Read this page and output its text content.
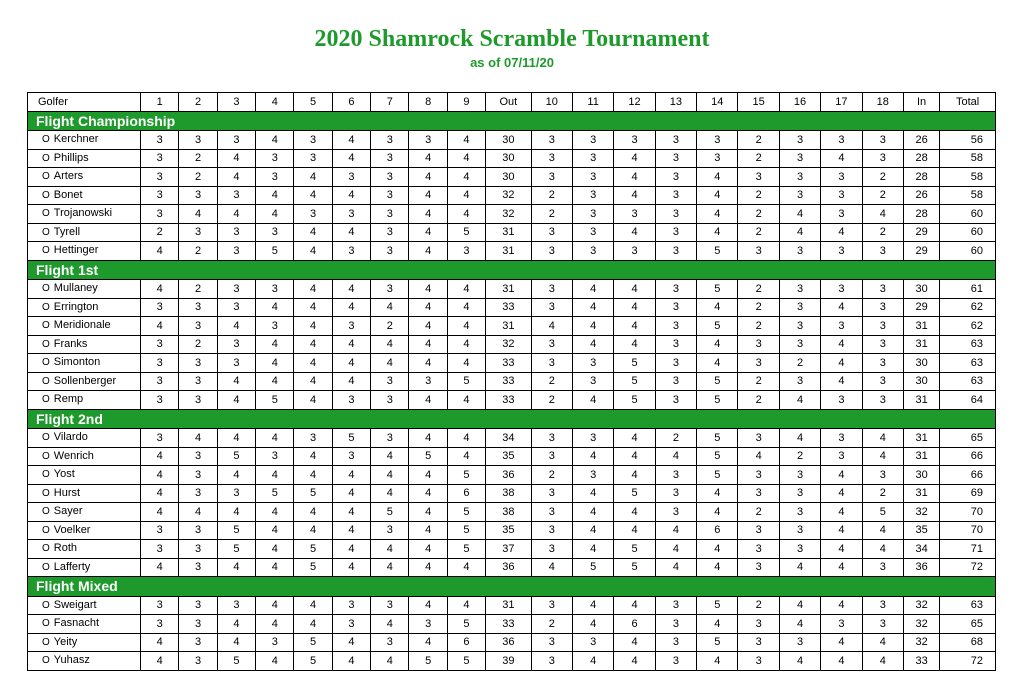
2020 Shamrock Scramble Tournament
as of 07/11/20
Golfer	1	2	3	4	5	6	7	8	9	Out	10	11	12	13	14	15	16	17	18	In	Total
Flight Championship																					
O Kerchner	3	3	3	4	3	4	3	3	4	30	3	3	3	3	3	2	3	3	3	26	56
O Phillips	3	2	4	3	3	4	3	4	4	30	3	3	4	3	3	2	3	4	3	28	58
O Arters	3	2	4	3	4	3	3	4	4	30	3	3	4	3	4	3	3	3	2	28	58
O Bonet	3	3	3	4	4	4	3	4	4	32	2	3	4	3	4	2	3	3	2	26	58
O Trojanowski	3	4	4	4	3	3	3	4	4	32	2	3	3	3	4	2	4	3	4	28	60
O Tyrell	2	3	3	3	4	4	3	4	5	31	3	3	4	3	4	2	4	4	2	29	60
O Hettinger	4	2	3	5	4	3	3	4	3	31	3	3	3	3	5	3	3	3	3	29	60
Flight 1st																					
O Mullaney	4	2	3	3	4	4	3	4	4	31	3	4	4	3	5	2	3	3	3	30	61
O Errington	3	3	3	4	4	4	4	4	4	33	3	4	4	3	4	2	3	4	3	29	62
O Meridionale	4	3	4	3	4	3	2	4	4	31	4	4	4	3	5	2	3	3	3	31	62
O Franks	3	2	3	4	4	4	4	4	4	32	3	4	4	3	4	3	3	4	3	31	63
O Simonton	3	3	3	4	4	4	4	4	4	33	3	3	5	3	4	3	2	4	3	30	63
O Sollenberger	3	3	4	4	4	4	3	3	5	33	2	3	5	3	5	2	3	4	3	30	63
O Remp	3	3	4	5	4	3	3	4	4	33	2	4	5	3	5	2	4	3	3	31	64
Flight 2nd																					
O Vilardo	3	4	4	4	3	5	3	4	4	34	3	3	4	2	5	3	4	3	4	31	65
O Wenrich	4	3	5	3	4	3	4	5	4	35	3	4	4	4	5	4	2	3	4	31	66
O Yost	4	3	4	4	4	4	4	4	5	36	2	3	4	3	5	3	3	4	3	30	66
O Hurst	4	3	3	5	5	4	4	4	6	38	3	4	5	3	4	3	3	4	2	31	69
O Sayer	4	4	4	4	4	4	5	4	5	38	3	4	4	3	4	2	3	4	5	32	70
O Voelker	3	3	5	4	4	4	3	4	5	35	3	4	4	4	6	3	3	4	4	35	70
O Roth	3	3	5	4	5	4	4	4	5	37	3	4	5	4	4	3	3	4	4	34	71
O Lafferty	4	3	4	4	5	4	4	4	4	36	4	5	5	4	4	3	4	4	3	36	72
Flight Mixed																					
O Sweigart	3	3	3	4	4	3	3	4	4	31	3	4	4	3	5	2	4	4	3	32	63
O Fasnacht	3	3	4	4	4	3	4	3	5	33	2	4	6	3	4	3	4	3	3	32	65
O Yeity	4	3	4	3	5	4	3	4	6	36	3	3	4	3	5	3	3	4	4	32	68
O Yuhasz	4	3	5	4	5	4	4	5	5	39	3	4	4	3	4	3	4	4	4	33	72
